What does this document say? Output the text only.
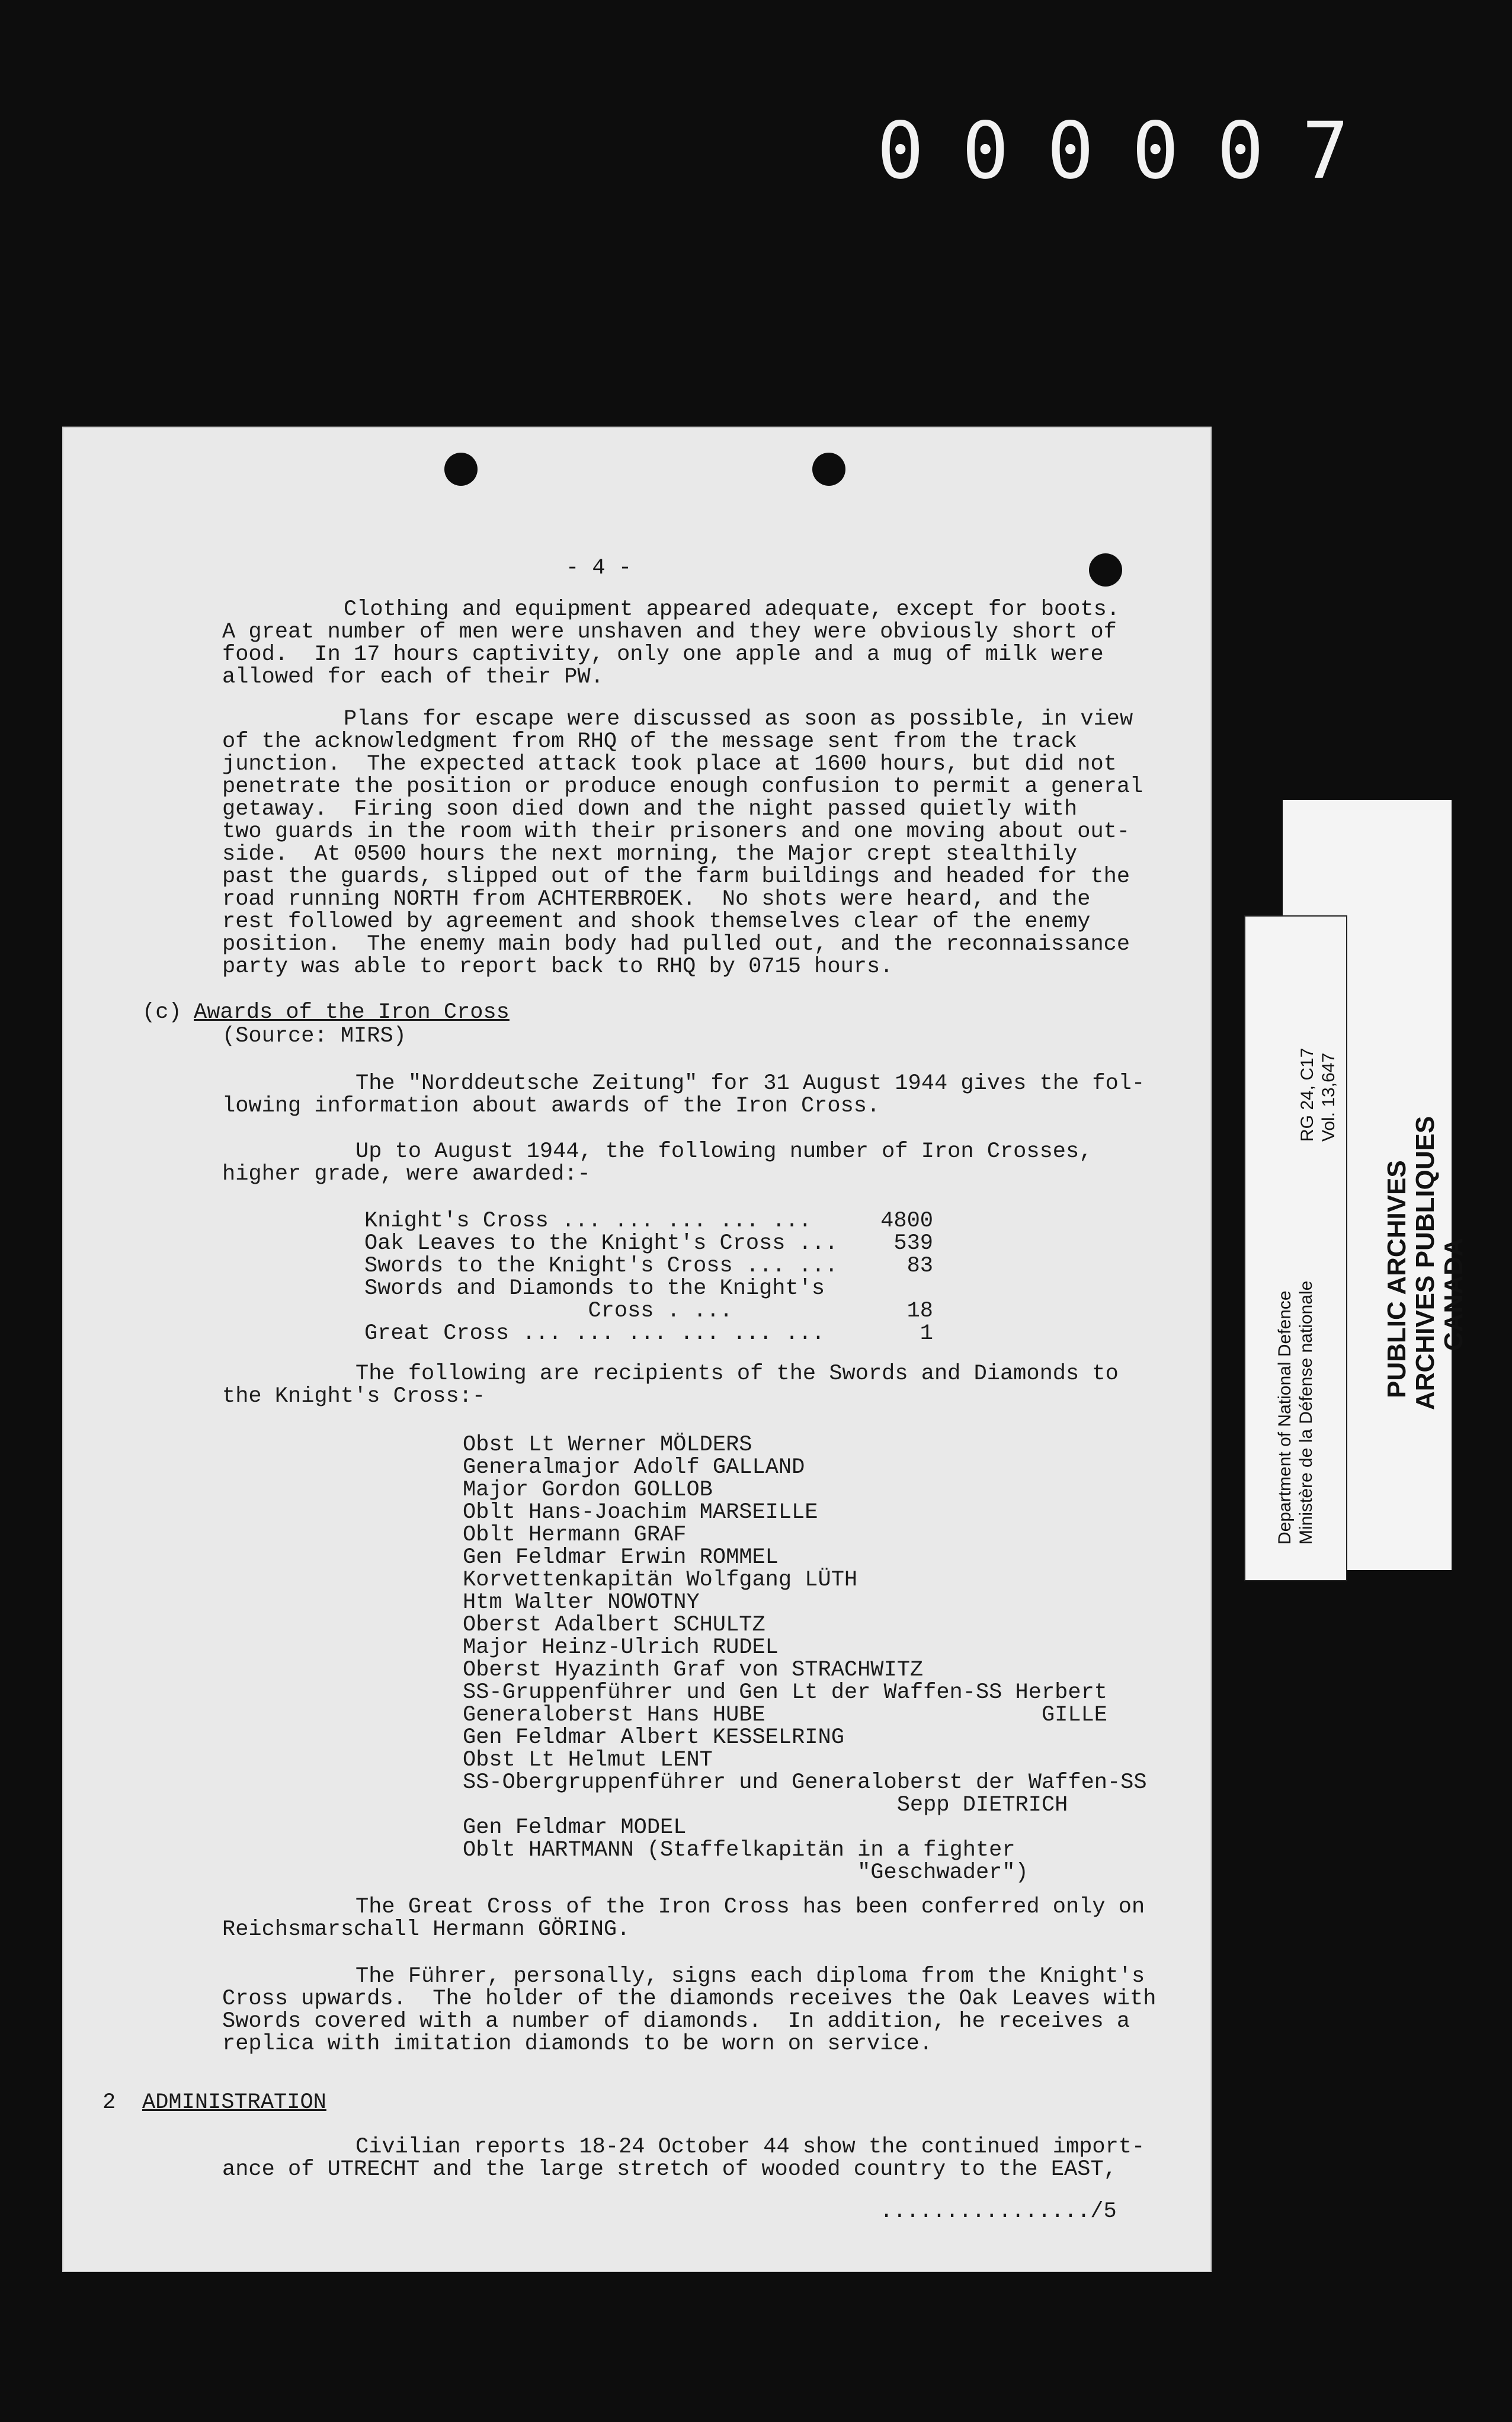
000007
- 4 -
Clothing and equipment appeared adequate, except for boots.
A great number of men were unshaven and they were obviously short of
food.  In 17 hours captivity, only one apple and a mug of milk were
allowed for each of their PW.
Plans for escape were discussed as soon as possible, in view
of the acknowledgment from RHQ of the message sent from the track
junction.  The expected attack took place at 1600 hours, but did not
penetrate the position or produce enough confusion to permit a general
getaway.  Firing soon died down and the night passed quietly with
two guards in the room with their prisoners and one moving about out-
side.  At 0500 hours the next morning, the Major crept stealthily
past the guards, slipped out of the farm buildings and headed for the
road running NORTH from ACHTERBROEK.  No shots were heard, and the
rest followed by agreement and shook themselves clear of the enemy
position.  The enemy main body had pulled out, and the reconnaissance
party was able to report back to RHQ by 0715 hours.
(c) Awards of the Iron Cross
(Source: MIRS)
The "Norddeutsche Zeitung" for 31 August 1944 gives the fol-
lowing information about awards of the Iron Cross.
Up to August 1944, the following number of Iron Crosses,
higher grade, were awarded:-
Knight's Cross ... ... ... ... ...	4800
Oak Leaves to the Knight's Cross ...	539
Swords to the Knight's Cross ... ...	83
Swords and Diamonds to the Knight's
Cross . ...	18
Great Cross ... ... ... ... ... ...	1
The following are recipients of the Swords and Diamonds to
the Knight's Cross:-
Obst Lt Werner MÖLDERS
Generalmajor Adolf GALLAND
Major Gordon GOLLOB
Oblt Hans-Joachim MARSEILLE
Oblt Hermann GRAF
Gen Feldmar Erwin ROMMEL
Korvettenkapitän Wolfgang LÜTH
Htm Walter NOWOTNY
Oberst Adalbert SCHULTZ
Major Heinz-Ulrich RUDEL
Oberst Hyazinth Graf von STRACHWITZ
SS-Gruppenführer und Gen Lt der Waffen-SS Herbert
Generaloberst Hans HUBE                     GILLE
Gen Feldmar Albert KESSELRING
Obst Lt Helmut LENT
SS-Obergruppenführer und Generaloberst der Waffen-SS
Sepp DIETRICH
Gen Feldmar MODEL
Oblt HARTMANN (Staffelkapitän in a fighter
"Geschwader")
The Great Cross of the Iron Cross has been conferred only on
Reichsmarschall Hermann GÖRING.
The Führer, personally, signs each diploma from the Knight's
Cross upwards.  The holder of the diamonds receives the Oak Leaves with
Swords covered with a number of diamonds.  In addition, he receives a
replica with imitation diamonds to be worn on service.
2 ADMINISTRATION
Civilian reports 18-24 October 44 show the continued import-
ance of UTRECHT and the large stretch of wooded country to the EAST,
................/5
PUBLIC ARCHIVES ARCHIVES PUBLIQUES CANADA
Department of National Defence Ministère de la Défense nationale
RG 24, C17 Vol. 13,647
